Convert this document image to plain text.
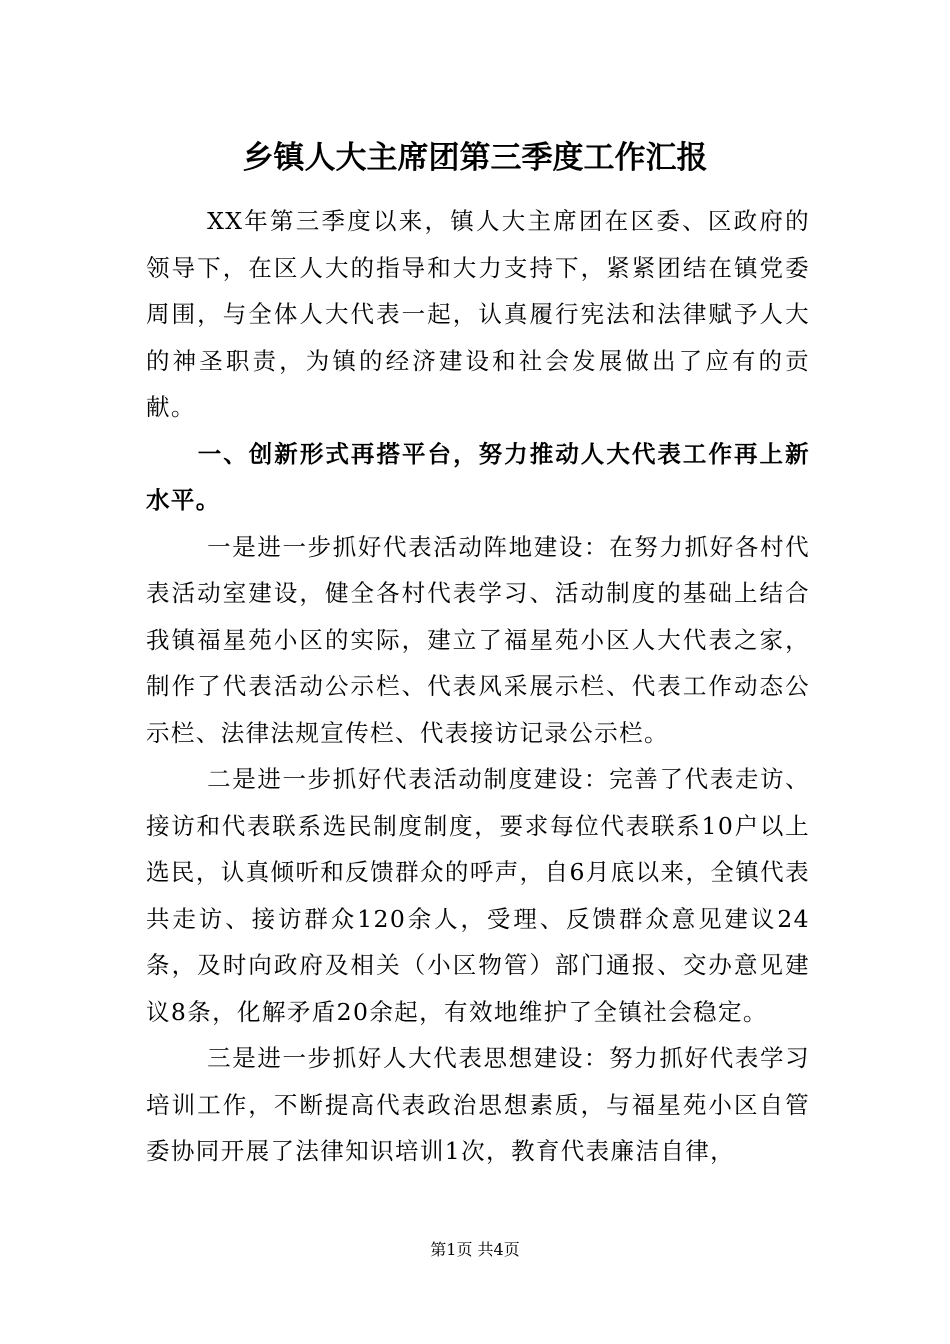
乡镇人大主席团第三季度工作汇报

XX年第三季度以来，镇人大主席团在区委、区政府的领导下，在区人大的指导和大力支持下，紧紧团结在镇党委周围，与全体人大代表一起，认真履行宪法和法律赋予人大的神圣职责，为镇的经济建设和社会发展做出了应有的贡献。

一、创新形式再搭平台，努力推动人大代表工作再上新水平。

一是进一步抓好代表活动阵地建设：在努力抓好各村代表活动室建设，健全各村代表学习、活动制度的基础上结合我镇福星苑小区的实际，建立了福星苑小区人大代表之家，制作了代表活动公示栏、代表风采展示栏、代表工作动态公示栏、法律法规宣传栏、代表接访记录公示栏。

二是进一步抓好代表活动制度建设：完善了代表走访、接访和代表联系选民制度制度，要求每位代表联系10户以上选民，认真倾听和反馈群众的呼声，自6月底以来，全镇代表共走访、接访群众120余人，受理、反馈群众意见建议24条，及时向政府及相关（小区物管）部门通报、交办意见建议8条，化解矛盾20余起，有效地维护了全镇社会稳定。

三是进一步抓好人大代表思想建设：努力抓好代表学习培训工作，不断提高代表政治思想素质，与福星苑小区自管委协同开展了法律知识培训1次，教育代表廉洁自律，

第1页 共4页
